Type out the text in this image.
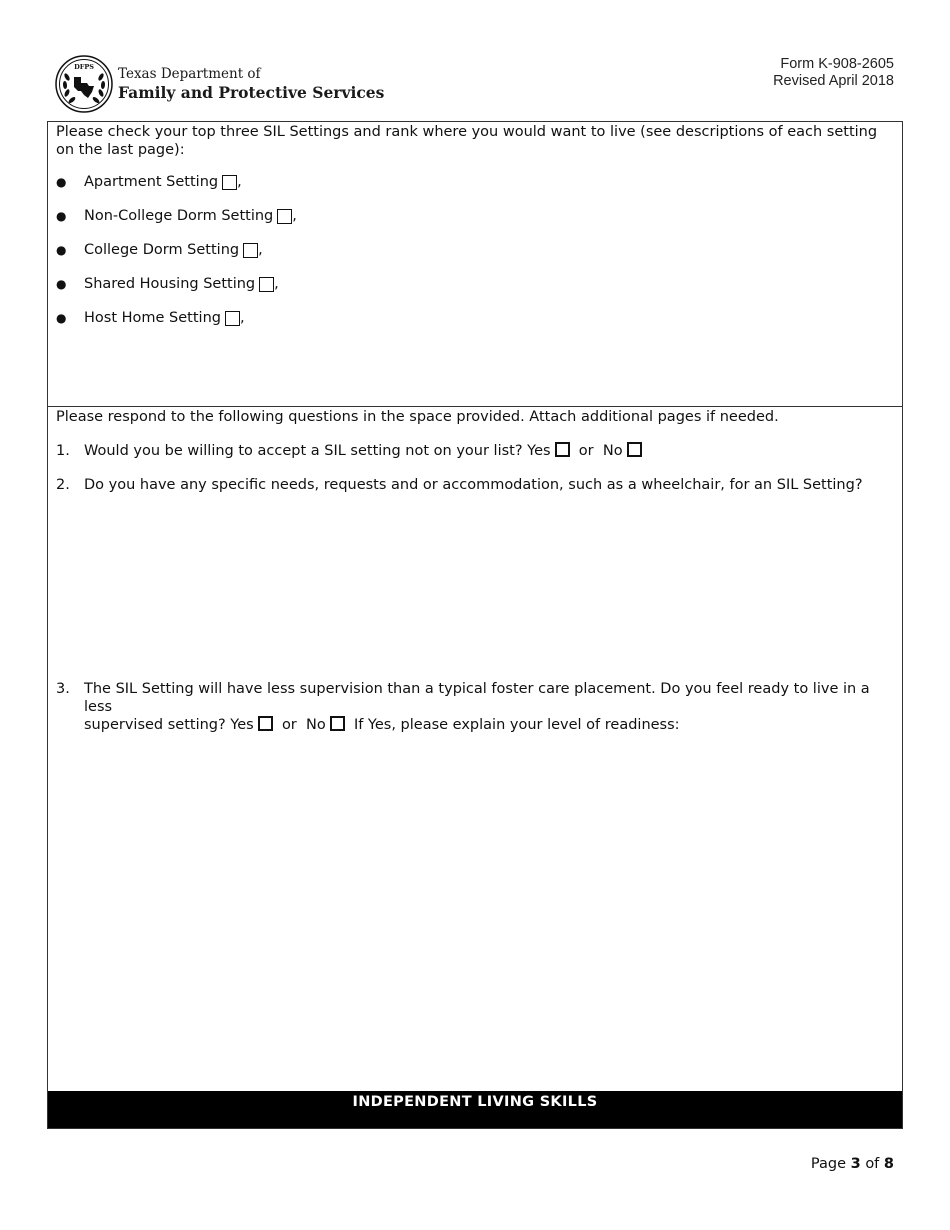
DFPS Texas Department of
Family and Protective Services
Form K-908-2605
Revised April 2018
Please check your top three SIL Settings and rank where you would want to live (see descriptions of each setting on the last page):
●	Apartment Setting ,
●	Non-College Dorm Setting ,
●	College Dorm Setting ,
●	Shared Housing Setting ,
●	Host Home Setting ,
Please respond to the following questions in the space provided. Attach additional pages if needed.
1. Would you be willing to accept a SIL setting not on your list? Yes or No
2. Do you have any specific needs, requests and or accommodation, such as a wheelchair, for an SIL Setting?
3. The SIL Setting will have less supervision than a typical foster care placement. Do you feel ready to live in a less
supervised setting? Yes or No If Yes, please explain your level of readiness:
INDEPENDENT LIVING SKILLS
Page 3 of 8
